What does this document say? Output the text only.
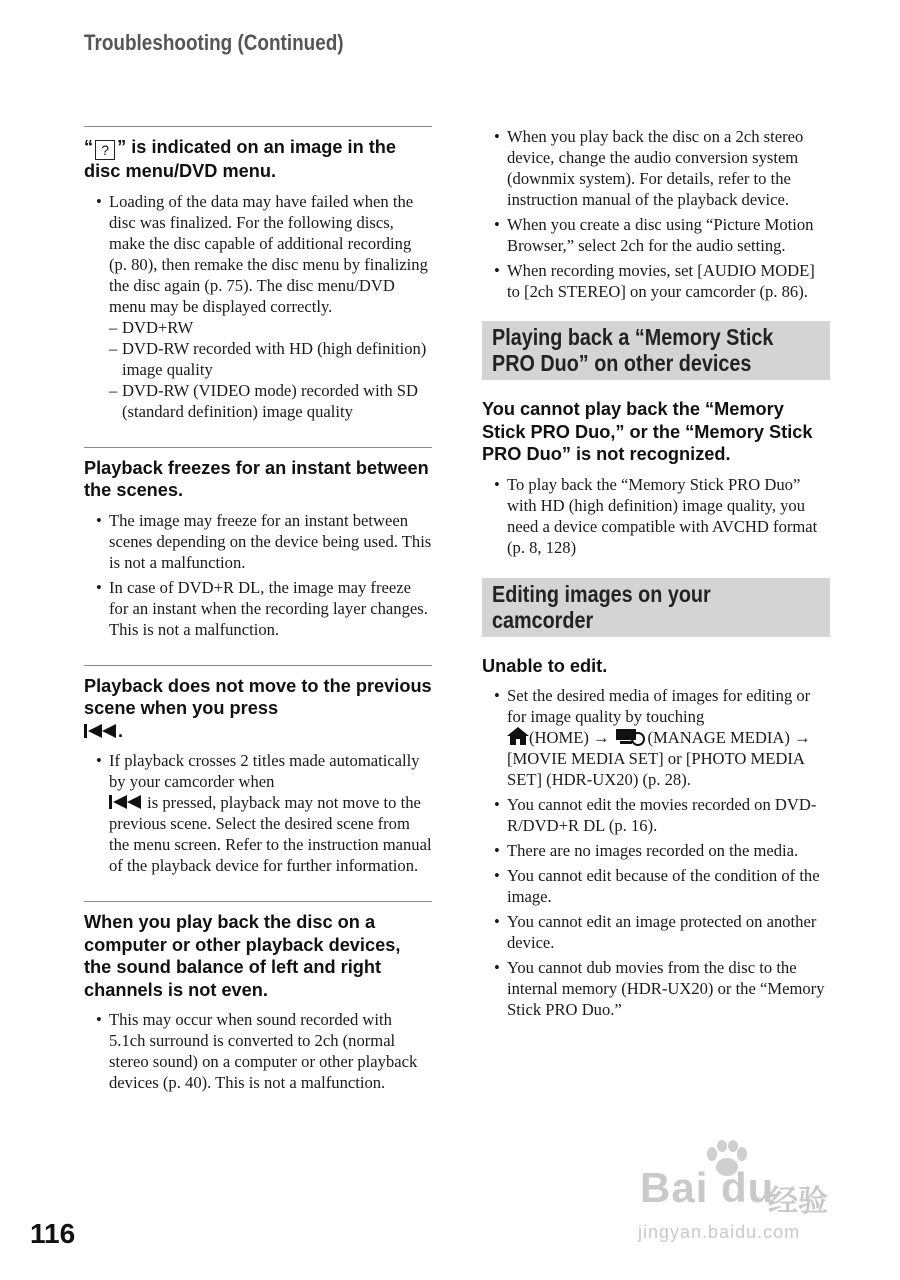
Troubleshooting (Continued)

“ ? ” is indicated on an image in the disc menu/DVD menu.

• Loading of the data may have failed when the disc was finalized. For the following discs, make the disc capable of additional recording (p. 80), then remake the disc menu by finalizing the disc again (p. 75). The disc menu/DVD menu may be displayed correctly.
– DVD+RW
– DVD-RW recorded with HD (high definition) image quality
– DVD-RW (VIDEO mode) recorded with SD (standard definition) image quality

Playback freezes for an instant between the scenes.

• The image may freeze for an instant between scenes depending on the device being used. This is not a malfunction.
• In case of DVD+R DL, the image may freeze for an instant when the recording layer changes. This is not a malfunction.

Playback does not move to the previous scene when you press
.

• If playback crosses 2 titles made automatically by your camcorder when
is pressed, playback may not move to the previous scene. Select the desired scene from the menu screen. Refer to the instruction manual of the playback device for further information.

When you play back the disc on a computer or other playback devices, the sound balance of left and right channels is not even.

• This may occur when sound recorded with 5.1ch surround is converted to 2ch (normal stereo sound) on a computer or other playback devices (p. 40). This is not a malfunction.
• When you play back the disc on a 2ch stereo device, change the audio conversion system (downmix system). For details, refer to the instruction manual of the playback device.
• When you create a disc using “Picture Motion Browser,” select 2ch for the audio setting.
• When recording movies, set [AUDIO MODE] to [2ch STEREO] on your camcorder (p. 86).
Playing back a “Memory Stick
PRO Duo” on other devices

You cannot play back the “Memory Stick PRO Duo,” or the “Memory Stick PRO Duo” is not recognized.

• To play back the “Memory Stick PRO Duo” with HD (high definition) image quality, you need a device compatible with AVCHD format (p. 8, 128)
Editing images on your
camcorder

Unable to edit.

• Set the desired media of images for editing or for image quality by touching
(HOME) → (MANAGE MEDIA) →[MOVIE MEDIA SET] or [PHOTO MEDIA SET] (HDR-UX20) (p. 28).
• You cannot edit the movies recorded on DVD-R/DVD+R DL (p. 16).
• There are no images recorded on the media.
• You cannot edit because of the condition of the image.
• You cannot edit an image protected on another device.
• You cannot dub movies from the disc to the internal memory (HDR-UX20) or the “Memory Stick PRO Duo.”
116
Bai du
经验
jingyan.baidu.com
